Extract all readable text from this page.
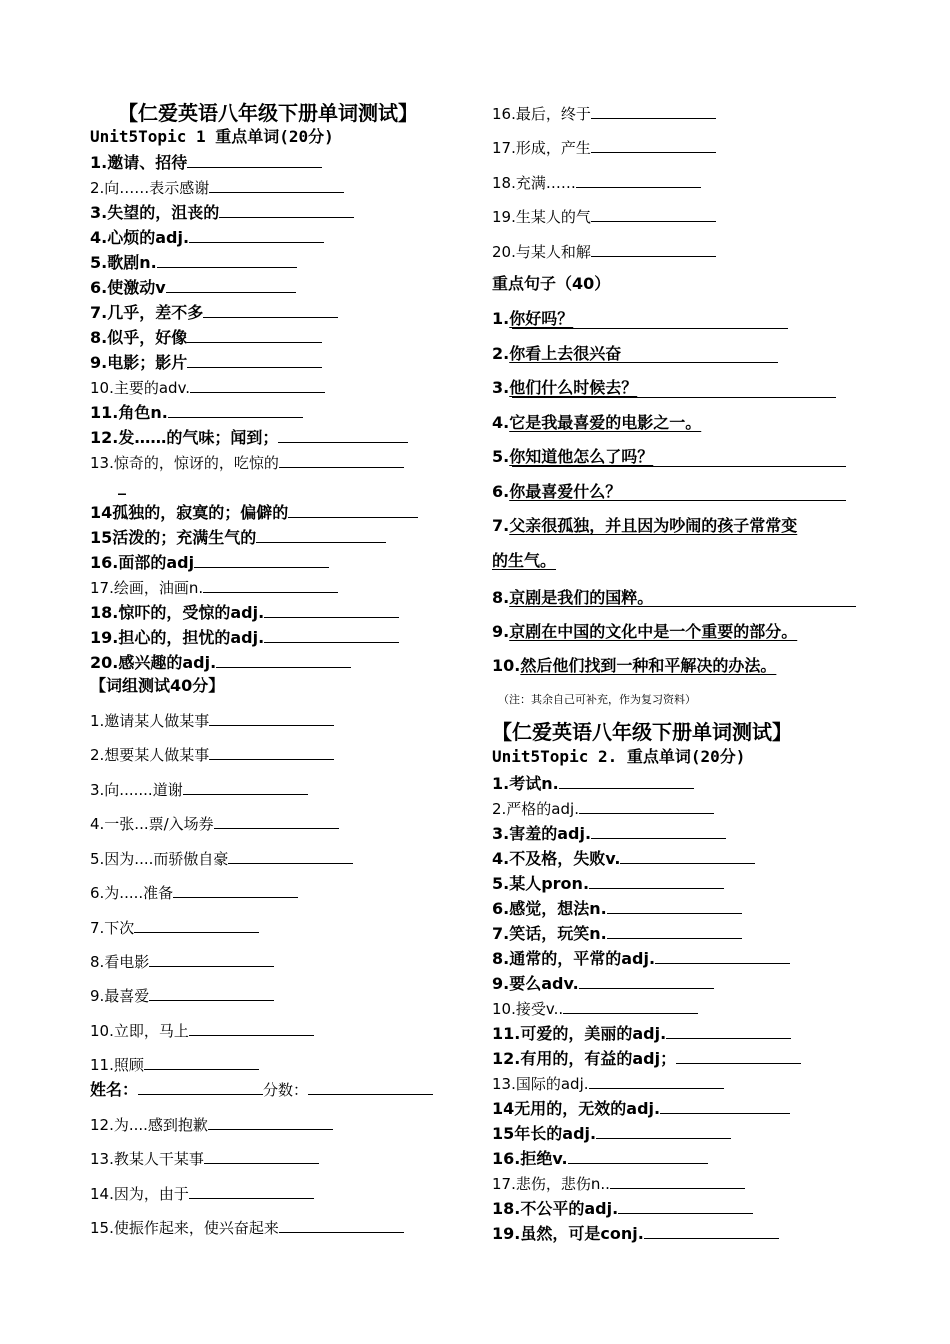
【仁爱英语八年级下册单词测试】
Unit5Topic 1 重点单词(20分)
1.邀请、招待
2.向……表示感谢
3.失望的，沮丧的
4.心烦的adj.
5.歌剧n.
6.使激动v
7.几乎，差不多
8.似乎，好像
9.电影；影片
10.主要的adv.
11.角色n.
12.发……的气味；闻到；
13.惊奇的，惊讶的，吃惊的
_
14孤独的，寂寞的；偏僻的
15活泼的；充满生气的
16.面部的adj
17.绘画，油画n.
18.惊吓的，受惊的adj.
19.担心的，担忧的adj.
20.感兴趣的adj.
【词组测试40分】
1.邀请某人做某事
2.想要某人做某事
3.向.......道谢
4.一张...票/入场券
5.因为....而骄傲自豪
6.为.....准备
7.下次
8.看电影
9.最喜爱
10.立即，马上
11.照顾
姓名：	分数：
12.为....感到抱歉
13.教某人干某事
14.因为，由于
15.使振作起来，使兴奋起来
16.最后，终于
17.形成，产生
18.充满……
19.生某人的气
20.与某人和解
重点句子（40）
1.你好吗？
2.你看上去很兴奋
3.他们什么时候去？
4.它是我最喜爱的电影之一。
5.你知道他怎么了吗？
6.你最喜爱什么？
7.父亲很孤独，并且因为吵闹的孩子常常变
的生气。
8.京剧是我们的国粹。
9.京剧在中国的文化中是一个重要的部分。
10.然后他们找到一种和平解决的办法。
（注：其余自己可补充，作为复习资料）
【仁爱英语八年级下册单词测试】
Unit5Topic 2. 重点单词(20分)
1.考试n.
2.严格的adj.
3.害羞的adj.
4.不及格，失败v.
5.某人pron.
6.感觉，想法n.
7.笑话，玩笑n.
8.通常的，平常的adj.
9.要么adv.
10.接受v..
11.可爱的，美丽的adj.
12.有用的，有益的adj；
13.国际的adj.
14无用的，无效的adj.
15年长的adj.
16.拒绝v.
17.悲伤，悲伤n..
18.不公平的adj.
19.虽然，可是conj.
